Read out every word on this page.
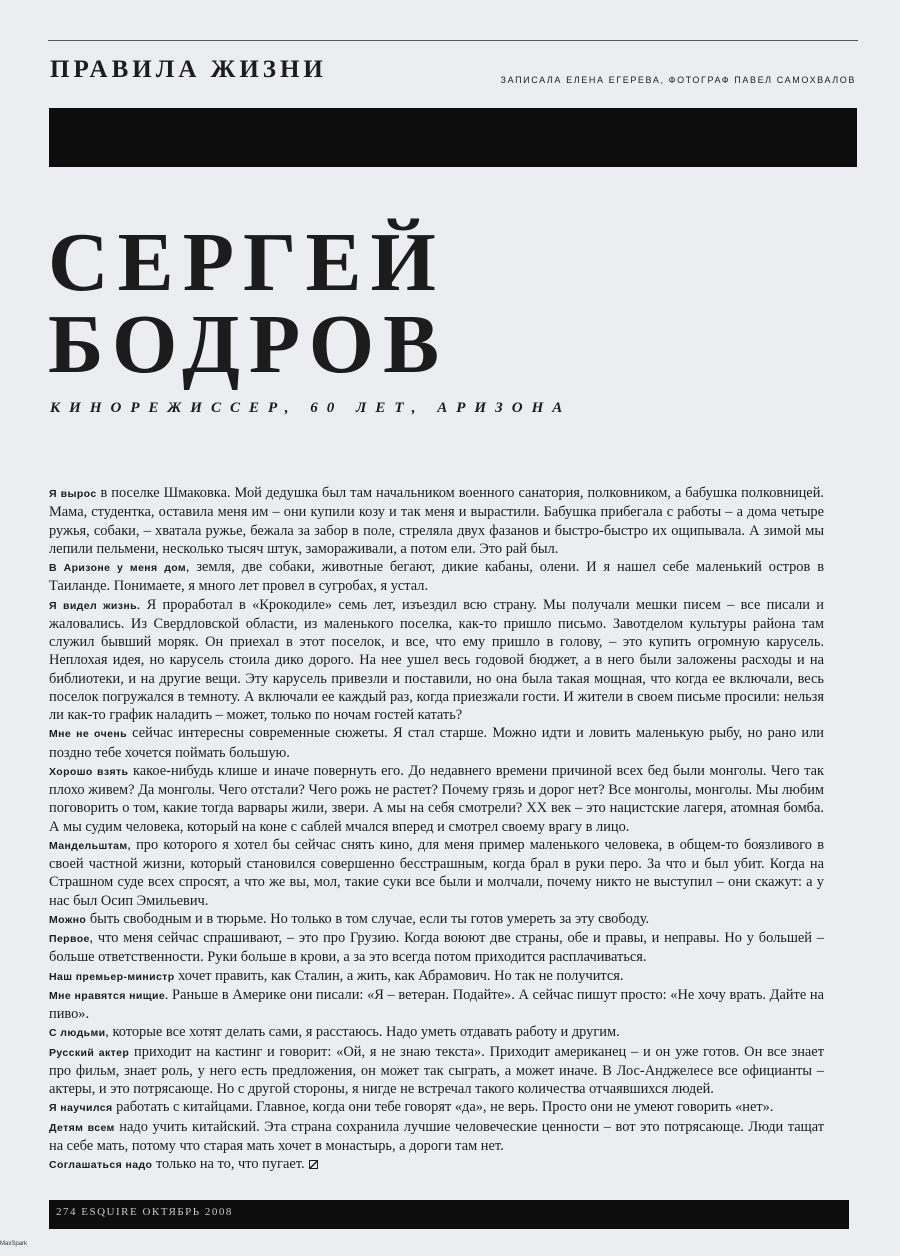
ПРАВИЛА ЖИЗНИ	ЗАПИСАЛА ЕЛЕНА ЕГЕРЕВА, ФОТОГРАФ ПАВЕЛ САМОХВАЛОВ
СЕРГЕЙ
БОДРОВ
КИНОРЕЖИССЕР, 60 ЛЕТ, АРИЗОНА

Я вырос в поселке Шмаковка. Мой дедушка был там начальником военного санатория, полковником, а бабушка полковницей. Мама, студентка, оставила меня им – они купили козу и так меня и вырастили. Бабушка прибегала с работы – а дома четыре ружья, собаки, – хватала ружье, бежала за забор в поле, стреляла двух фазанов и быстро-быстро их ощипывала. А зимой мы лепили пельмени, несколько тысяч штук, замораживали, а потом ели. Это рай был.

В Аризоне у меня дом, земля, две собаки, животные бегают, дикие кабаны, олени. И я нашел себе маленький остров в Таиланде. Понимаете, я много лет провел в сугробах, я устал.

Я видел жизнь. Я проработал в «Крокодиле» семь лет, изъездил всю страну. Мы получали мешки писем – все писали и жаловались. Из Свердловской области, из маленького поселка, как-то пришло письмо. Завотделом культуры района там служил бывший моряк. Он приехал в этот поселок, и все, что ему пришло в голову, – это купить огромную карусель. Неплохая идея, но карусель стоила дико дорого. На нее ушел весь годовой бюджет, а в него были заложены расходы и на библиотеки, и на другие вещи. Эту карусель привезли и поставили, но она была такая мощная, что когда ее включали, весь поселок погружался в темноту. А включали ее каждый раз, когда приезжали гости. И жители в своем письме просили: нельзя ли как-то график наладить – может, только по ночам гостей катать?

Мне не очень сейчас интересны современные сюжеты. Я стал старше. Можно идти и ловить маленькую рыбу, но рано или поздно тебе хочется поймать большую.

Хорошо взять какое-нибудь клише и иначе повернуть его. До недавнего времени причиной всех бед были монголы. Чего так плохо живем? Да монголы. Чего отстали? Чего рожь не растет? Почему грязь и дорог нет? Все монголы, монголы. Мы любим поговорить о том, какие тогда варвары жили, звери. А мы на себя смотрели? XX век – это нацистские лагеря, атомная бомба. А мы судим человека, который на коне с саблей мчался вперед и смотрел своему врагу в лицо.

Мандельштам, про которого я хотел бы сейчас снять кино, для меня пример маленького человека, в общем-то боязливого в своей частной жизни, который становился совершенно бесстрашным, когда брал в руки перо. За что и был убит. Когда на Страшном суде всех спросят, а что же вы, мол, такие суки все были и молчали, почему никто не выступил – они скажут: а у нас был Осип Эмильевич.

Можно быть свободным и в тюрьме. Но только в том случае, если ты готов умереть за эту свободу.

Первое, что меня сейчас спрашивают, – это про Грузию. Когда воюют две страны, обе и правы, и неправы. Но у большей – больше ответственности. Руки больше в крови, а за это всегда потом приходится расплачиваться.

Наш премьер-министр хочет править, как Сталин, а жить, как Абрамович. Но так не получится.

Мне нравятся нищие. Раньше в Америке они писали: «Я – ветеран. Подайте». А сейчас пишут просто: «Не хочу врать. Дайте на пиво».

С людьми, которые все хотят делать сами, я расстаюсь. Надо уметь отдавать работу и другим.

Русский актер приходит на кастинг и говорит: «Ой, я не знаю текста». Приходит американец – и он уже готов. Он все знает про фильм, знает роль, у него есть предложения, он может так сыграть, а может иначе. В Лос-Анджелесе все официанты – актеры, и это потрясающе. Но с другой стороны, я нигде не встречал такого количества отчаявшихся людей.

Я научился работать с китайцами. Главное, когда они тебе говорят «да», не верь. Просто они не умеют говорить «нет».

Детям всем надо учить китайский. Эта страна сохранила лучшие человеческие ценности – вот это потрясающе. Люди тащат на себе мать, потому что старая мать хочет в монастырь, а дороги там нет.

Соглашаться надо только на то, что пугает.

274 ESQUIRE ОКТЯБРЬ 2008
MaxSpark
